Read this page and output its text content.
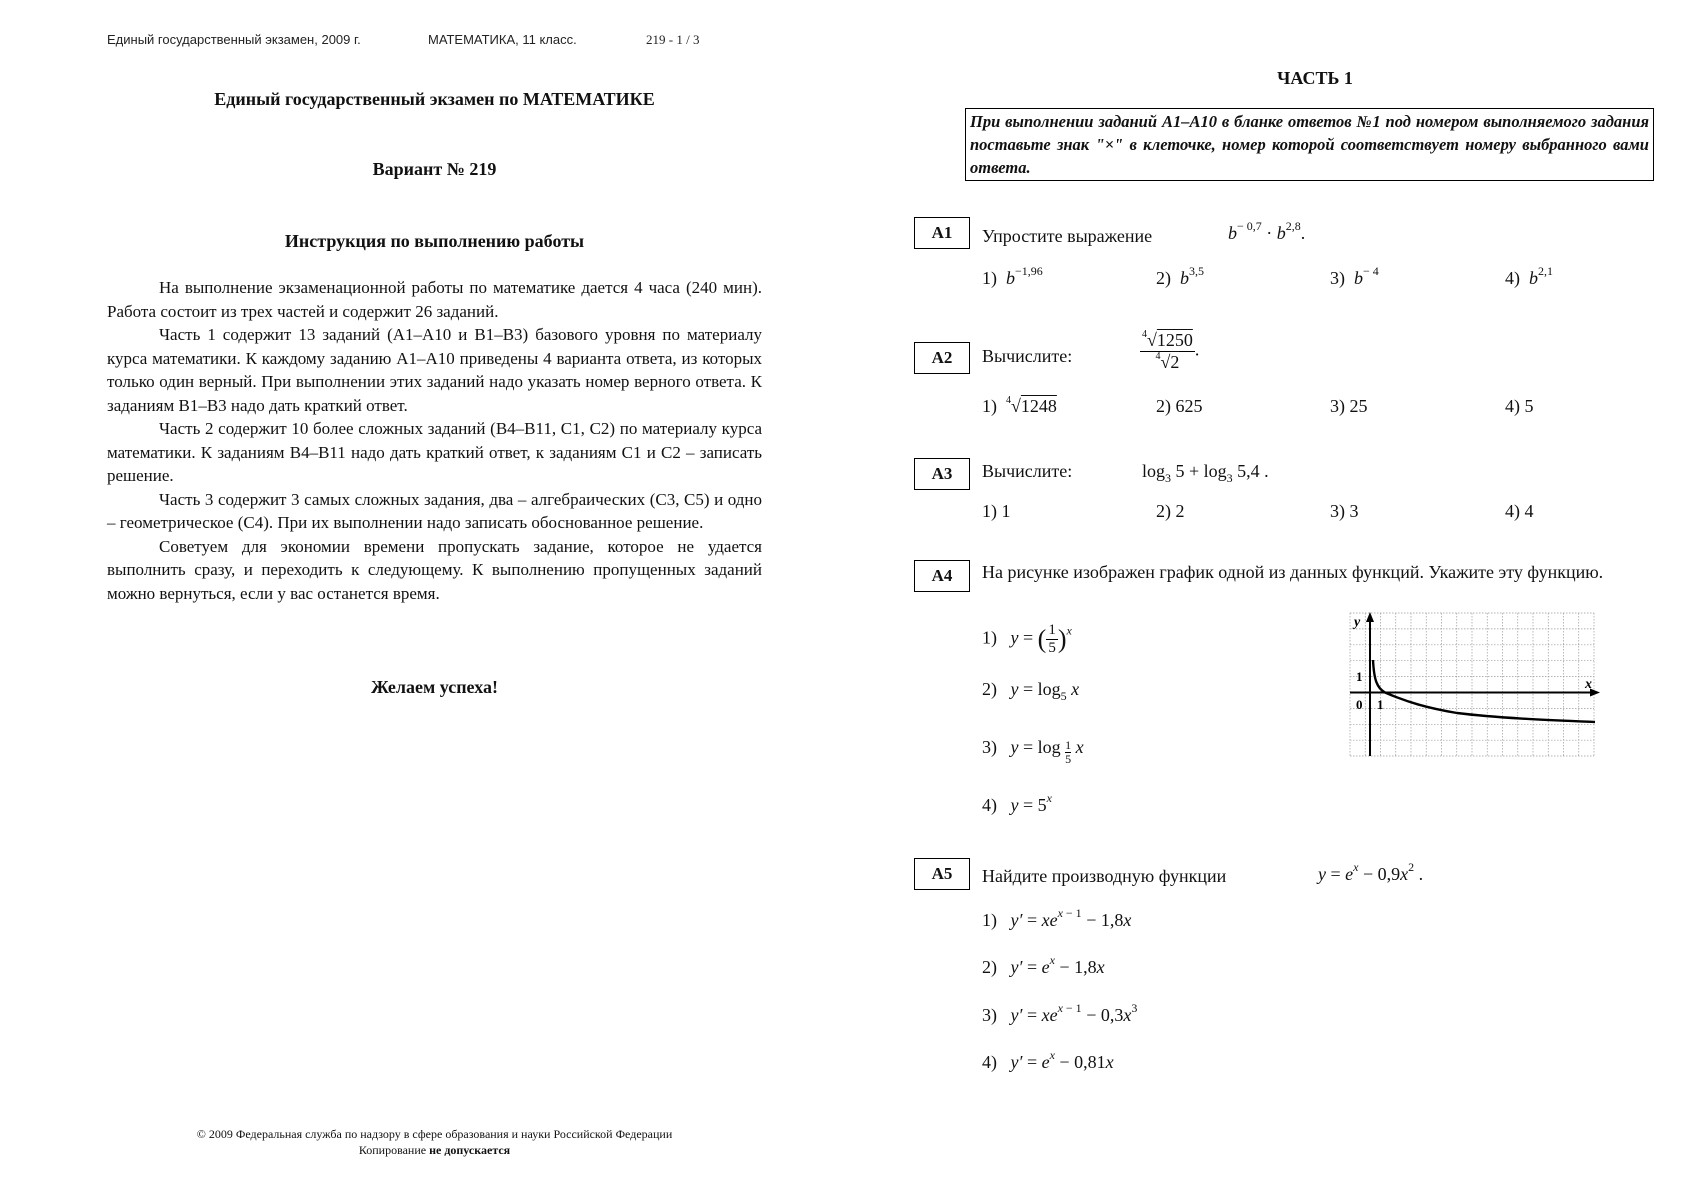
Единый государственный экзамен, 2009 г.	МАТЕМАТИКА, 11 класс.	219 - 1 / 3
Единый государственный экзамен по МАТЕМАТИКЕ
Вариант № 219
Инструкция по выполнению работы

На выполнение экзаменационной работы по математике дается 4 часа (240 мин). Работа состоит из трех частей и содержит 26 заданий.

Часть 1 содержит 13 заданий (A1–A10 и B1–B3) базового уровня по материалу курса математики. К каждому заданию A1–A10 приведены 4 варианта ответа, из которых только один верный. При выполнении этих заданий надо указать номер верного ответа. К заданиям B1–B3 надо дать краткий ответ.

Часть 2 содержит 10 более сложных заданий (B4–B11, C1, C2) по материалу курса математики. К заданиям B4–B11 надо дать краткий ответ, к заданиям C1 и C2 – записать решение.

Часть 3 содержит 3 самых сложных задания, два – алгебраических (C3, C5) и одно – геометрическое (C4). При их выполнении надо записать обоснованное решение.

Советуем для экономии времени пропускать задание, которое не удается выполнить сразу, и переходить к следующему. К выполнению пропущенных заданий можно вернуться, если у вас останется время.

Желаем успеха!
© 2009 Федеральная служба по надзору в сфере образования и науки Российской Федерации
Копирование не допускается
ЧАСТЬ 1
При выполнении заданий А1–А10 в бланке ответов №1 под номером выполняемого задания поставьте знак "×" в клеточке, номер которой соответствует номеру выбранного вами ответа.
A1	Упростите выражение	$b^{- 0,7} \cdot b^{2,8}$.
1) $b^{-1,96}$	2) $b^{3,5}$	3) $b^{- 4}$	4) $b^{2,1}$
A2	Вычислите:	$\frac{^4√1250}{^4√2}$ .
1) $^4$√1248	2) 625	3) 25	4) 5
A3	Вычислите:	$\log_3 5 + \log_3 5,4$ .
1) 1	2) 2	3) 3	4) 4
A4	На рисунке изображен график одной из данных функций. Укажите эту функцию.
1) y = ( $\frac{1}{5} )^x$
2) $y = \log_5 x$
3) $y = \log \frac{1}{5}$ x
4) $y = 5^x$
y
x
1
0 1
A5	Найдите производную функции	$y = e^x - 0,9x^2$ .
1) $y' = xe^{x - 1} - 1,8x$
2) $y' = e^x - 1,8x$
3) $y' = xe^{x - 1} - 0,3x^3$
4) $y' = e^x - 0,81x$
